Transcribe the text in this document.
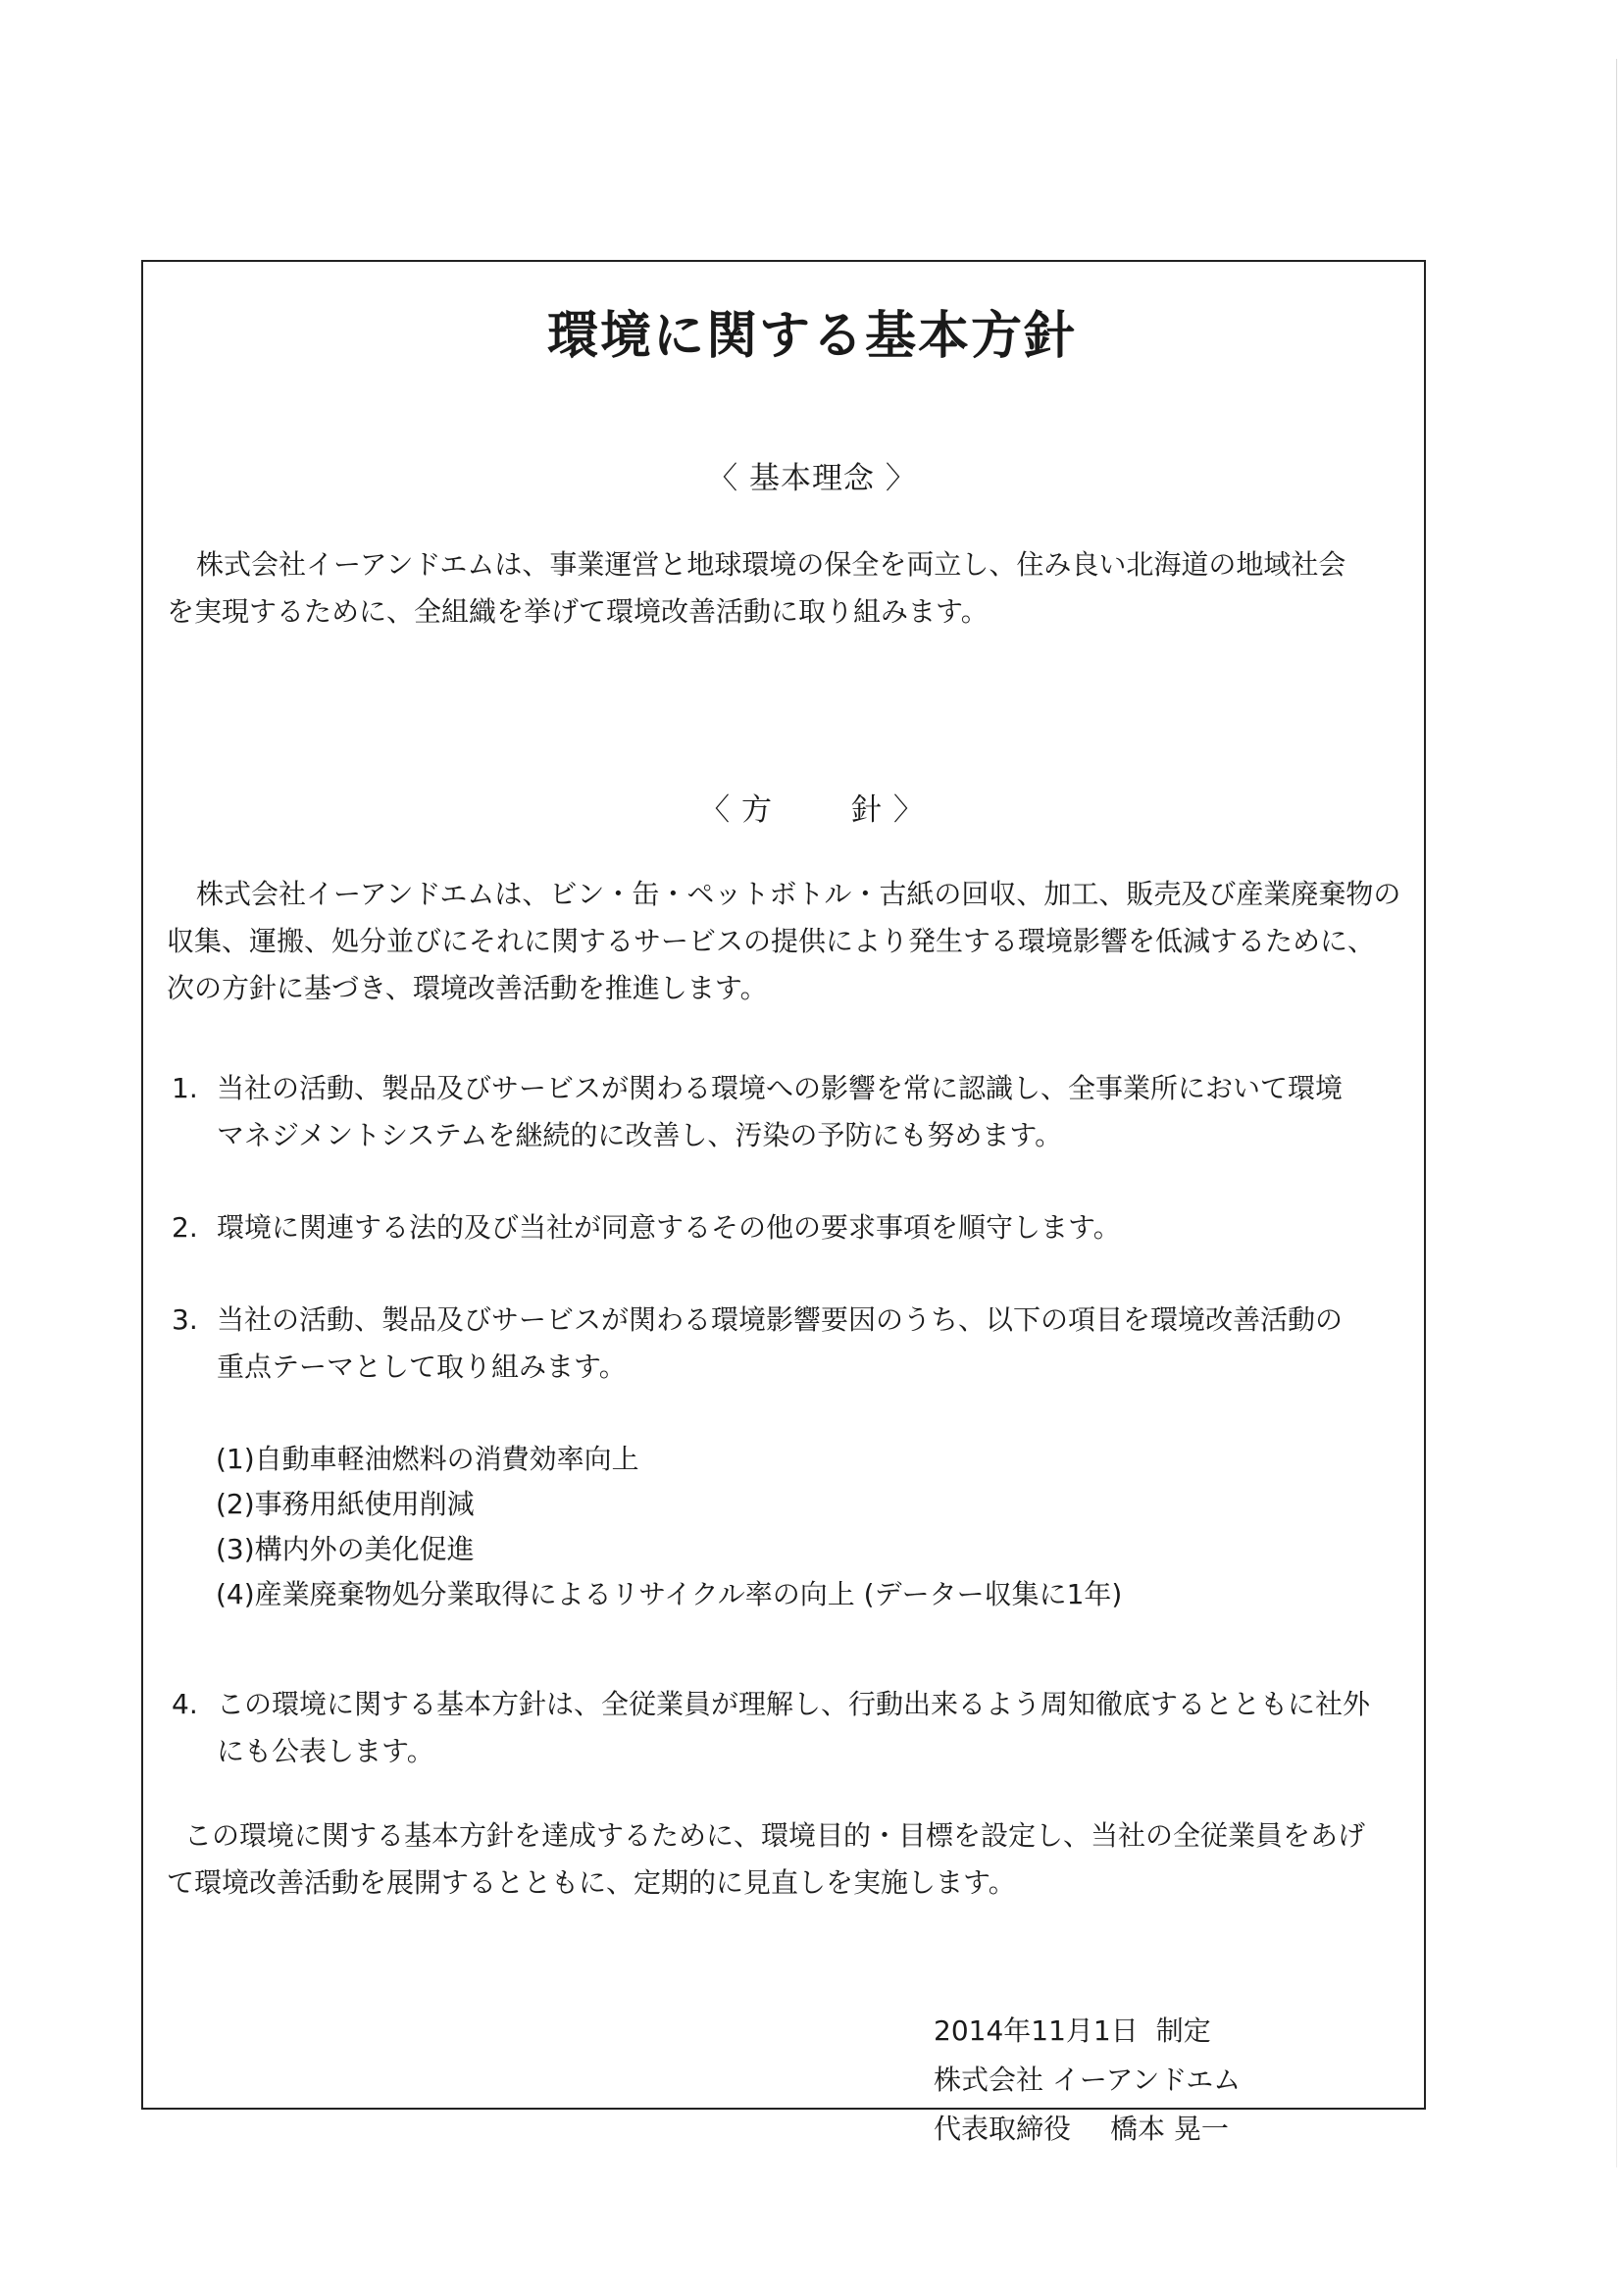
環境に関する基本方針
〈 基本理念 〉
株式会社イーアンドエムは、事業運営と地球環境の保全を両立し、住み良い北海道の地域社会
を実現するために、全組織を挙げて環境改善活動に取り組みます。
〈 方	針 〉
株式会社イーアンドエムは、ビン・缶・ペットボトル・古紙の回収、加工、販売及び産業廃棄物の
収集、運搬、処分並びにそれに関するサービスの提供により発生する環境影響を低減するために、
次の方針に基づき、環境改善活動を推進します。
1. 当社の活動、製品及びサービスが関わる環境への影響を常に認識し、全事業所において環境
マネジメントシステムを継続的に改善し、汚染の予防にも努めます。
2. 環境に関連する法的及び当社が同意するその他の要求事項を順守します。
3. 当社の活動、製品及びサービスが関わる環境影響要因のうち、以下の項目を環境改善活動の
重点テーマとして取り組みます。
(1)自動車軽油燃料の消費効率向上
(2)事務用紙使用削減
(3)構内外の美化促進
(4)産業廃棄物処分業取得によるリサイクル率の向上 (データー収集に1年)
4. この環境に関する基本方針は、全従業員が理解し、行動出来るよう周知徹底するとともに社外
にも公表します。
この環境に関する基本方針を達成するために、環境目的・目標を設定し、当社の全従業員をあげ
て環境改善活動を展開するとともに、定期的に見直しを実施します。
2014年11月1日 制定
株式会社 イーアンドエム
代表取締役 橋本 晃一
